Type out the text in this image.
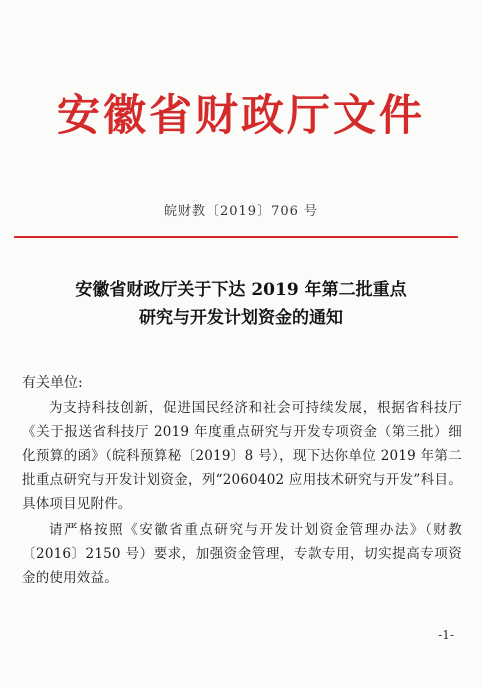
安徽省财政厅文件
皖财教〔2019〕706 号
安徽省财政厅关于下达 2019 年第二批重点
研究与开发计划资金的通知
有关单位:

为支持科技创新，促进国民经济和社会可持续发展，根据省科技厅《关于报送省科技厅 2019 年度重点研究与开发专项资金（第三批）细化预算的函》（皖科预算秘〔2019〕8 号），现下达你单位 2019 年第二批重点研究与开发计划资金，列“2060402 应用技术研究与开发”科目。具体项目见附件。

请严格按照《安徽省重点研究与开发计划资金管理办法》（财教〔2016〕2150 号）要求，加强资金管理，专款专用，切实提高专项资金的使用效益。

-1-
